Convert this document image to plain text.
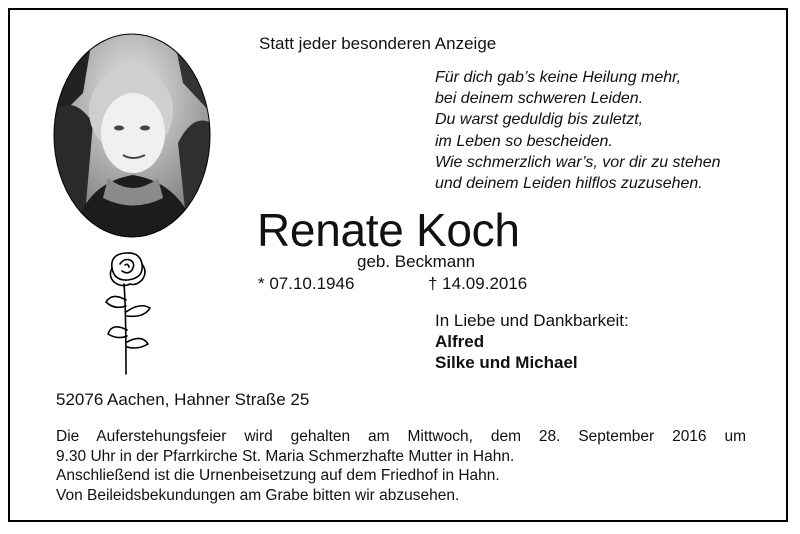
Statt jeder besonderen Anzeige
Für dich gab’s keine Heilung mehr,
bei deinem schweren Leiden.
Du warst geduldig bis zuletzt,
im Leben so bescheiden.
Wie schmerzlich war’s, vor dir zu stehen
und deinem Leiden hilflos zuzusehen.
Renate Koch
geb. Beckmann
* 07.10.1946	† 14.09.2016
In Liebe und Dankbarkeit:
Alfred
Silke und Michael
52076 Aachen, Hahner Straße 25
Die Auferstehungsfeier wird gehalten am Mittwoch, dem 28. September 2016 um
9.30 Uhr in der Pfarrkirche St. Maria Schmerzhafte Mutter in Hahn.
Anschließend ist die Urnenbeisetzung auf dem Friedhof in Hahn.
Von Beileidsbekundungen am Grabe bitten wir abzusehen.
